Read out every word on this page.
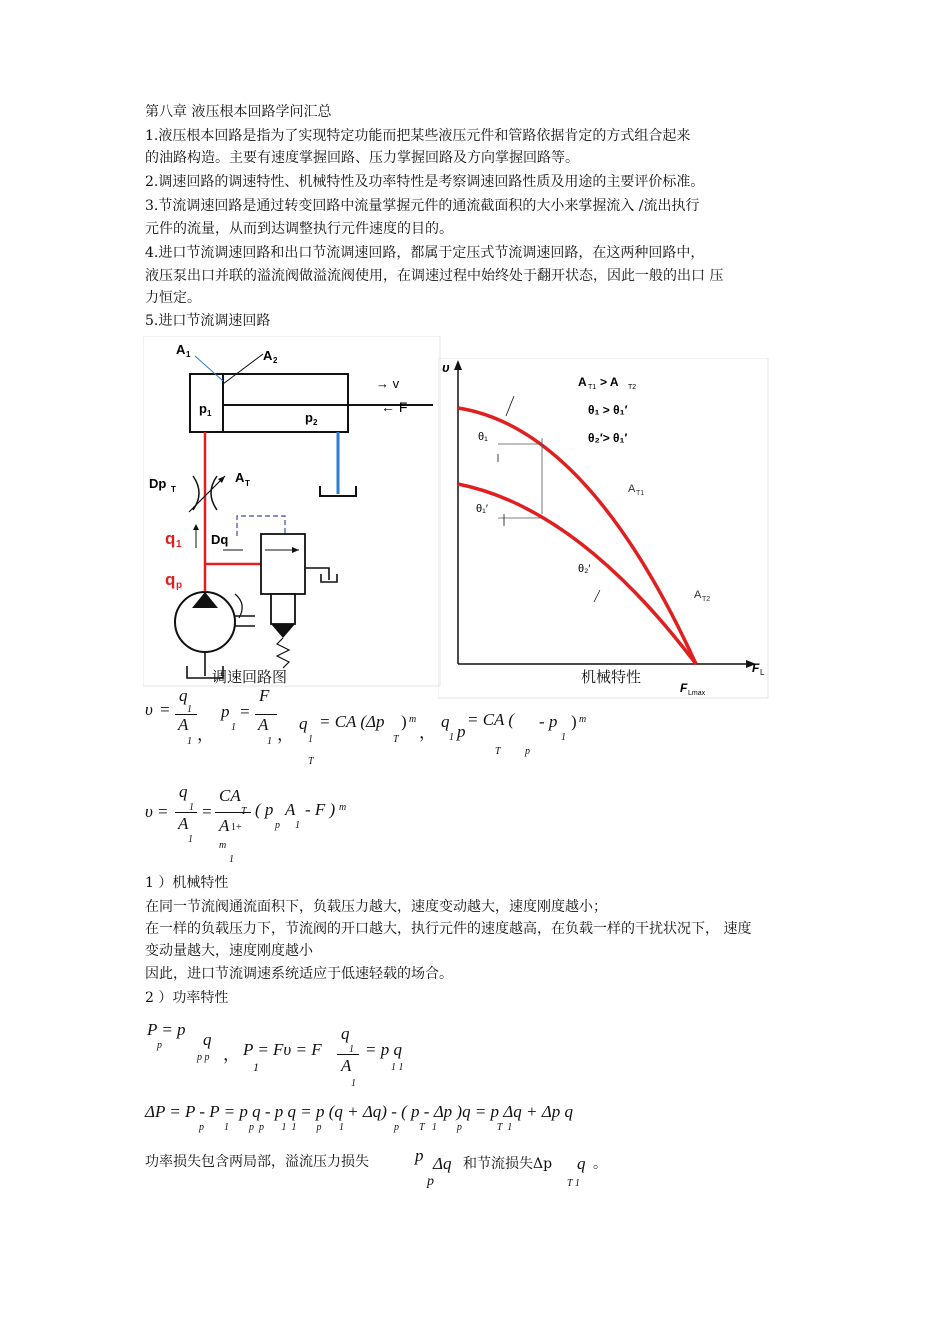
第八章 液压根本回路学问汇总
1.液压根本回路是指为了实现特定功能而把某些液压元件和管路依据肯定的方式组合起来
的油路构造。主要有速度掌握回路、压力掌握回路及方向掌握回路等。
2.调速回路的调速特性、机械特性及功率特性是考察调速回路性质及用途的主要评价标准。
3.节流调速回路是通过转变回路中流量掌握元件的通流截面积的大小来掌握流入 /流出执行
元件的流量，从而到达调整执行元件速度的目的。
4.进口节流调速回路和出口节流调速回路，都属于定压式节流调速回路，在这两种回路中，
液压泵出口并联的溢流阀做溢流阀使用，在调速过程中始终处于翻开状态，因此一般的出口 压
力恒定。
5.进口节流调速回路
A 1	A 2
p 1	p 2
→ v
← F
Dp T
A T
q 1
q p
Dq
调速回路图
υ
F L
F Lmax
A T1 > A T2
θ₁ > θ₁′
θ₂′> θ₁′
A T1
A T2
θ₁
θ₁′
θ₂′
机械特性
υ =
q
1
A
1 ，
p
1
=
F
A
1 ，
q
1
T
= CA (Δp )
T
m
，
q
1 p
= CA (
T p
- p
1
) m
υ =
q
1
A
1
=
CA
T
A 1+
m
1
( p
p
A
1
- F ) m
1 ）机械特性
在同一节流阀通流面积下，负载压力越大，速度变动越大，速度刚度越小；
在一样的负载压力下，节流阀的开口越大，执行元件的速度越高，在负载一样的干扰状况下， 速度
变动量越大，速度刚度越小
因此，进口节流调速系统适应于低速轻载的场合。
2 ）功率特性
P = p
p q
p p ， P = Fυ = F
1
q
1
A
1
= p q
1 1
ΔP = P - P = p q - p q = p (q + Δq) - ( p - Δp )q = p Δq + Δp q
p        1        p  p       1  1        p       1                    p        T   1        p              T  1
功率损失包含两局部，溢流压力损失	p Δq
p
和节流损失Δp q
T 1
。
